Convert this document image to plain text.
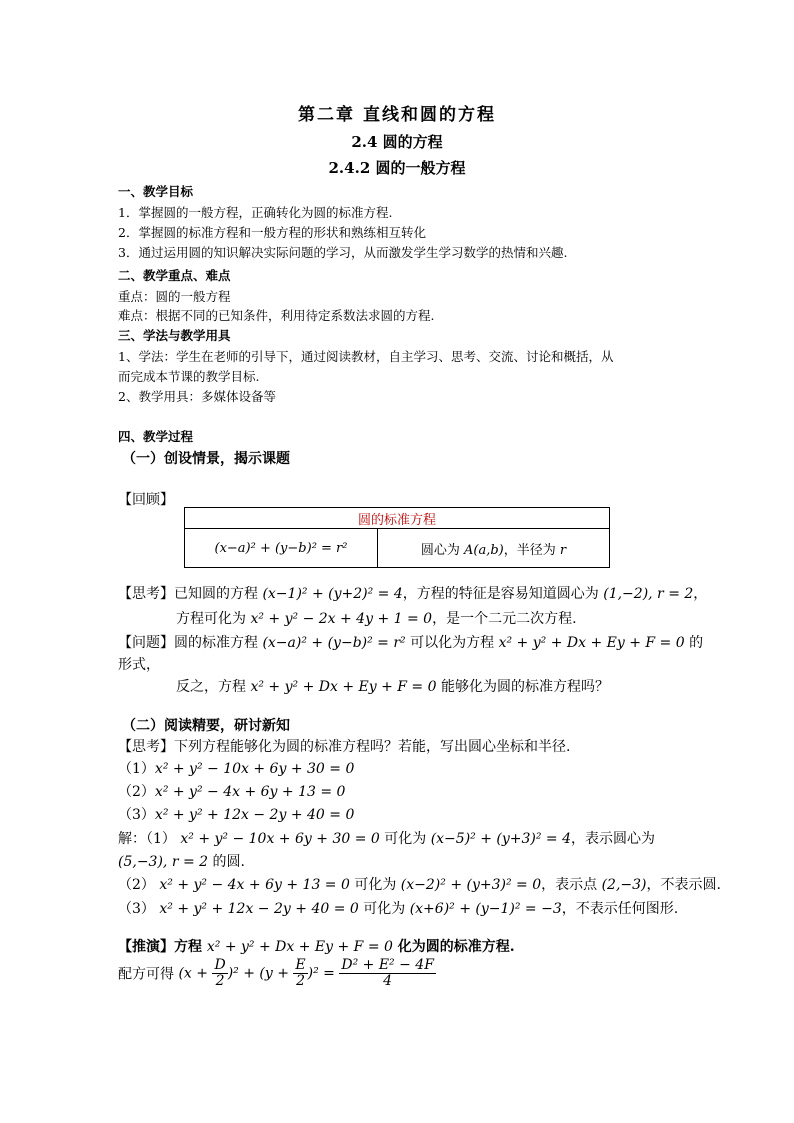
第二章 直线和圆的方程
2.4 圆的方程
2.4.2 圆的一般方程
一、教学目标
1．掌握圆的一般方程，正确转化为圆的标准方程.
2．掌握圆的标准方程和一般方程的形状和熟练相互转化
3．通过运用圆的知识解决实际问题的学习，从而激发学生学习数学的热情和兴趣.
二、教学重点、难点
重点：圆的一般方程
难点：根据不同的已知条件，利用待定系数法求圆的方程.
三、学法与教学用具
1、学法：学生在老师的引导下，通过阅读教材，自主学习、思考、交流、讨论和概括，从
而完成本节课的教学目标.
2、教学用具：多媒体设备等
四、教学过程
（一）创设情景，揭示课题
【回顾】
圆的标准方程
(x−a)² + (y−b)² = r²	圆心为 A(a,b)，半径为 r
【思考】已知圆的方程 (x−1)² + (y+2)² = 4，方程的特征是容易知道圆心为 (1,−2), r = 2，
方程可化为 x² + y² − 2x + 4y + 1 = 0，是一个二元二次方程.
【问题】圆的标准方程 (x−a)² + (y−b)² = r² 可以化为方程 x² + y² + Dx + Ey + F = 0 的
形式，
反之，方程 x² + y² + Dx + Ey + F = 0 能够化为圆的标准方程吗？
（二）阅读精要，研讨新知
【思考】下列方程能够化为圆的标准方程吗？若能，写出圆心坐标和半径.
（1）x² + y² − 10x + 6y + 30 = 0
（2）x² + y² − 4x + 6y + 13 = 0
（3）x² + y² + 12x − 2y + 40 = 0
解：（1） x² + y² − 10x + 6y + 30 = 0 可化为 (x−5)² + (y+3)² = 4，表示圆心为
(5,−3), r = 2 的圆.
（2） x² + y² − 4x + 6y + 13 = 0 可化为 (x−2)² + (y+3)² = 0，表示点 (2,−3)，不表示圆.
（3） x² + y² + 12x − 2y + 40 = 0 可化为 (x+6)² + (y−1)² = −3，不表示任何图形.
【推演】方程 x² + y² + Dx + Ey + F = 0 化为圆的标准方程.
配方可得 $(x + \frac{D}{2} )^2 + (y + \frac{E}{2} )^2 = \frac{\text{D² + E² − 4F}}{4}$
